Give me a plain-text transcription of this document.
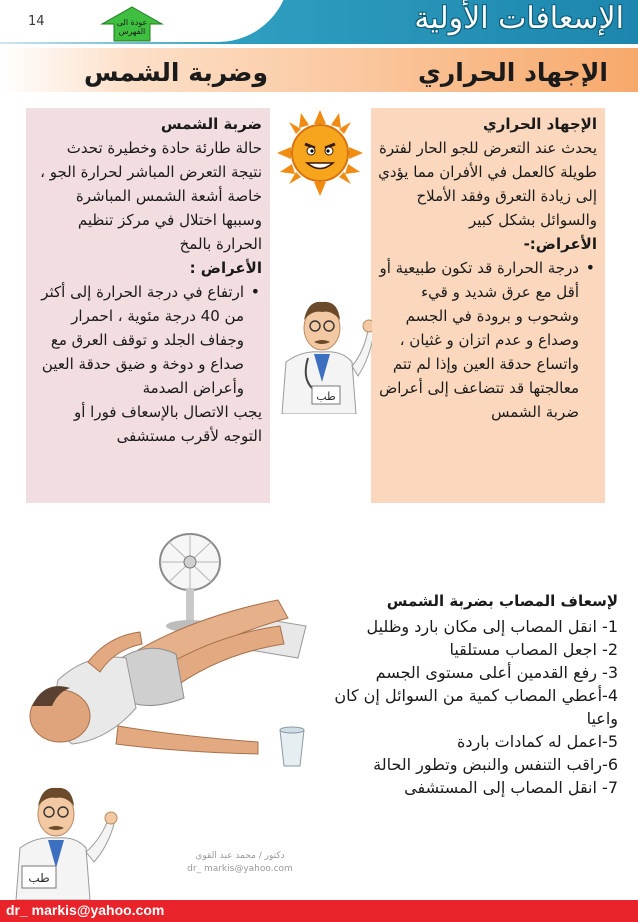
14	عودة الى الفهرس	الإسعافات الأولية
الإجهاد الحراري
وضربة الشمس
الإجهاد الحراري

يحدث عند التعرض للجو الحار لفترة طويلة كالعمل في الأفران مما يؤدي إلى زيادة التعرق وفقد الأملاح والسوائل بشكل كبير

الأعراض:-
• درجة الحرارة قد تكون طبيعية أو أقل مع عرق شديد و قيء وشحوب و برودة في الجسم وصداع و عدم اتزان و غثيان ، واتساع حدقة العين وإذا لم تتم معالجتها قد تتضاعف إلى أعراض ضربة الشمس
ضربة الشمس

حالة طارئة حادة وخطيرة تحدث نتيجة التعرض المباشر لحرارة الجو ، خاصة أشعة الشمس المباشرة وسببها اختلال في مركز تنظيم الحرارة بالمخ

الأعراض :
• ارتفاع في درجة الحرارة إلى أكثر من 40 درجة مئوية ، احمرار وجفاف الجلد و توقف العرق مع صداع و دوخة و ضيق حدقة العين وأعراض الصدمة

يجب الاتصال بالإسعاف فورا أو التوجه لأقرب مستشفى

طب
لإسعاف المصاب بضربة الشمس
1- انقل المصاب إلى مكان بارد وظليل
2- اجعل المصاب مستلقيا
3- رفع القدمين أعلى مستوى الجسم
4-أعطي المصاب كمية من السوائل إن كان واعيا
5-اعمل له كمادات باردة
6-راقب التنفس والنبض وتطور الحالة
7- انقل المصاب إلى المستشفى
طب
دكتور / محمد عبد القوي
dr_ markis@yahoo.com
dr_ markis@yahoo.com
